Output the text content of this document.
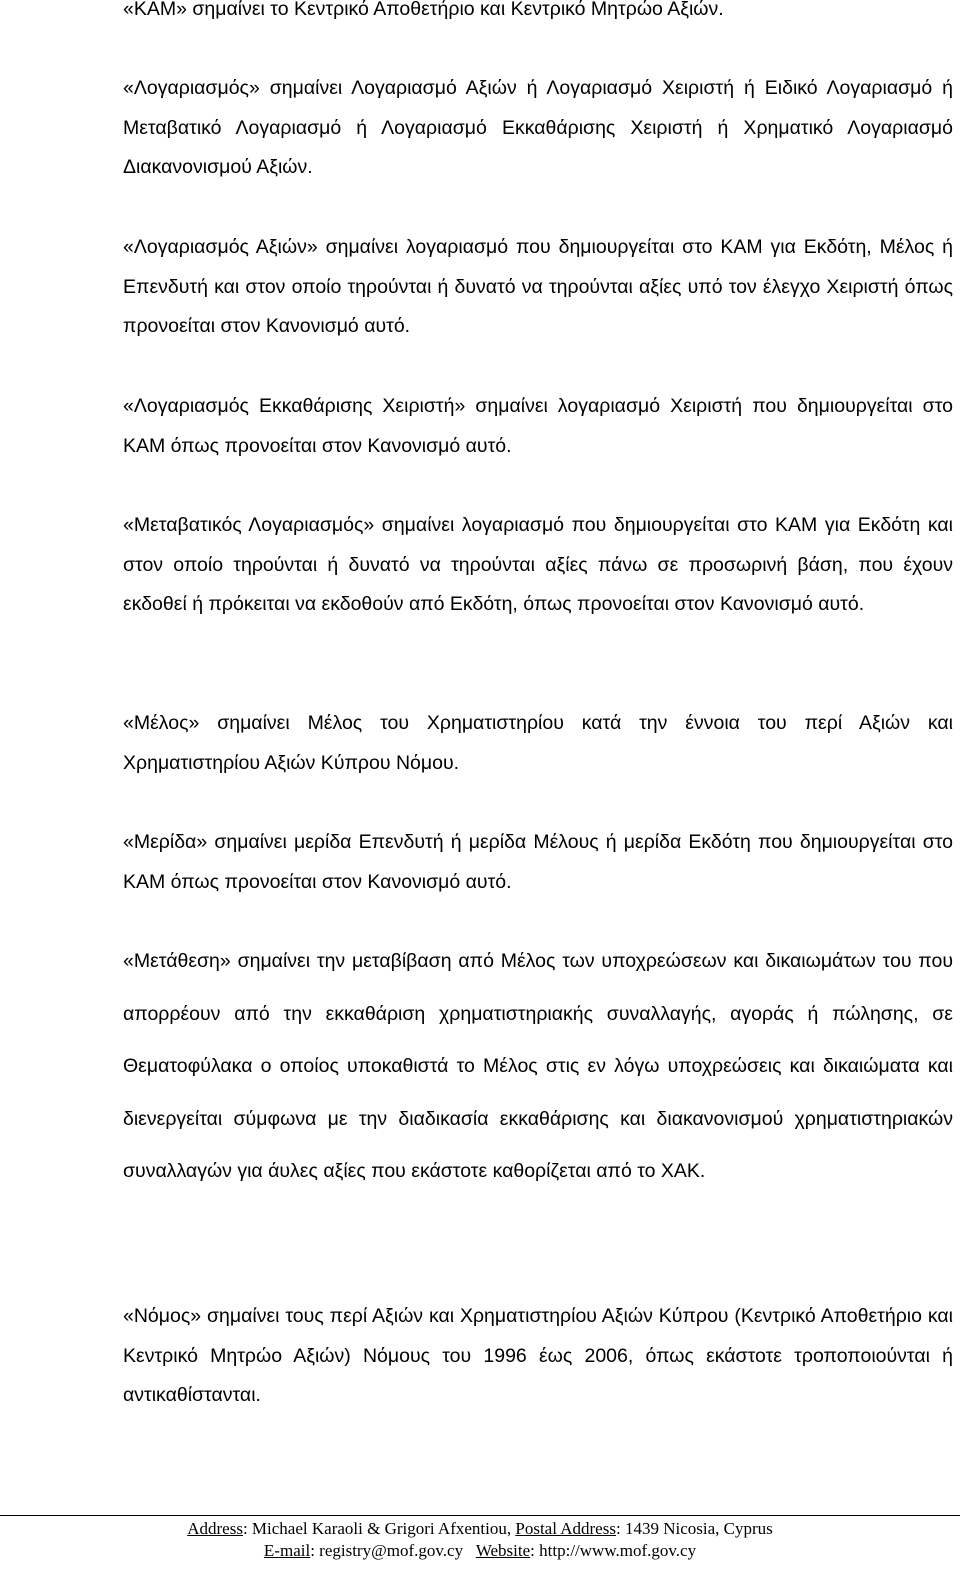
«ΚΑΜ» σημαίνει το Κεντρικό Αποθετήριο και Κεντρικό Μητρώο Αξιών.

«Λογαριασμός» σημαίνει Λογαριασμό Αξιών ή Λογαριασμό Χειριστή ή Ειδικό Λογαριασμό ή Μεταβατικό Λογαριασμό ή Λογαριασμό Εκκαθάρισης Χειριστή ή Χρηματικό Λογαριασμό Διακανονισμού Αξιών.

«Λογαριασμός Αξιών» σημαίνει λογαριασμό που δημιουργείται στο ΚΑΜ για Εκδότη, Μέλος ή Επενδυτή και στον οποίο τηρούνται ή δυνατό να τηρούνται αξίες υπό τον έλεγχο Χειριστή όπως προνοείται στον Κανονισμό αυτό.

«Λογαριασμός Εκκαθάρισης Χειριστή» σημαίνει λογαριασμό Χειριστή που δημιουργείται στο ΚΑΜ όπως προνοείται στον Κανονισμό αυτό.

«Μεταβατικός Λογαριασμός» σημαίνει λογαριασμό που δημιουργείται στο ΚΑΜ για Εκδότη και στον οποίο τηρούνται ή δυνατό να τηρούνται αξίες πάνω σε προσωρινή βάση, που έχουν εκδοθεί ή πρόκειται να εκδοθούν από Εκδότη, όπως προνοείται στον Κανονισμό αυτό.

«Μέλος» σημαίνει Μέλος του Χρηματιστηρίου κατά την έννοια του περί Αξιών και Χρηματιστηρίου Αξιών Κύπρου Νόμου.

«Μερίδα» σημαίνει μερίδα Επενδυτή ή μερίδα Μέλους ή μερίδα Εκδότη που δημιουργείται στο ΚΑΜ όπως προνοείται στον Κανονισμό αυτό.

«Μετάθεση» σημαίνει την μεταβίβαση από Μέλος των υποχρεώσεων και δικαιωμάτων του που απορρέουν από την εκκαθάριση χρηματιστηριακής συναλλαγής, αγοράς ή πώλησης, σε Θεματοφύλακα ο οποίος υποκαθιστά το Μέλος στις εν λόγω υποχρεώσεις και δικαιώματα και διενεργείται σύμφωνα με την διαδικασία εκκαθάρισης και διακανονισμού χρηματιστηριακών συναλλαγών για άυλες αξίες που εκάστοτε καθορίζεται από το ΧΑΚ.

«Νόμος» σημαίνει τους περί Αξιών και Χρηματιστηρίου Αξιών Κύπρου (Κεντρικό Αποθετήριο και Κεντρικό Μητρώο Αξιών) Νόμους του 1996 έως 2006, όπως εκάστοτε τροποποιούνται ή αντικαθίστανται.

Address: Michael Karaoli & Grigori Afxentiou, Postal Address: 1439 Nicosia, Cyprus
E-mail: registry@mof.gov.cy Website: http://www.mof.gov.cy
